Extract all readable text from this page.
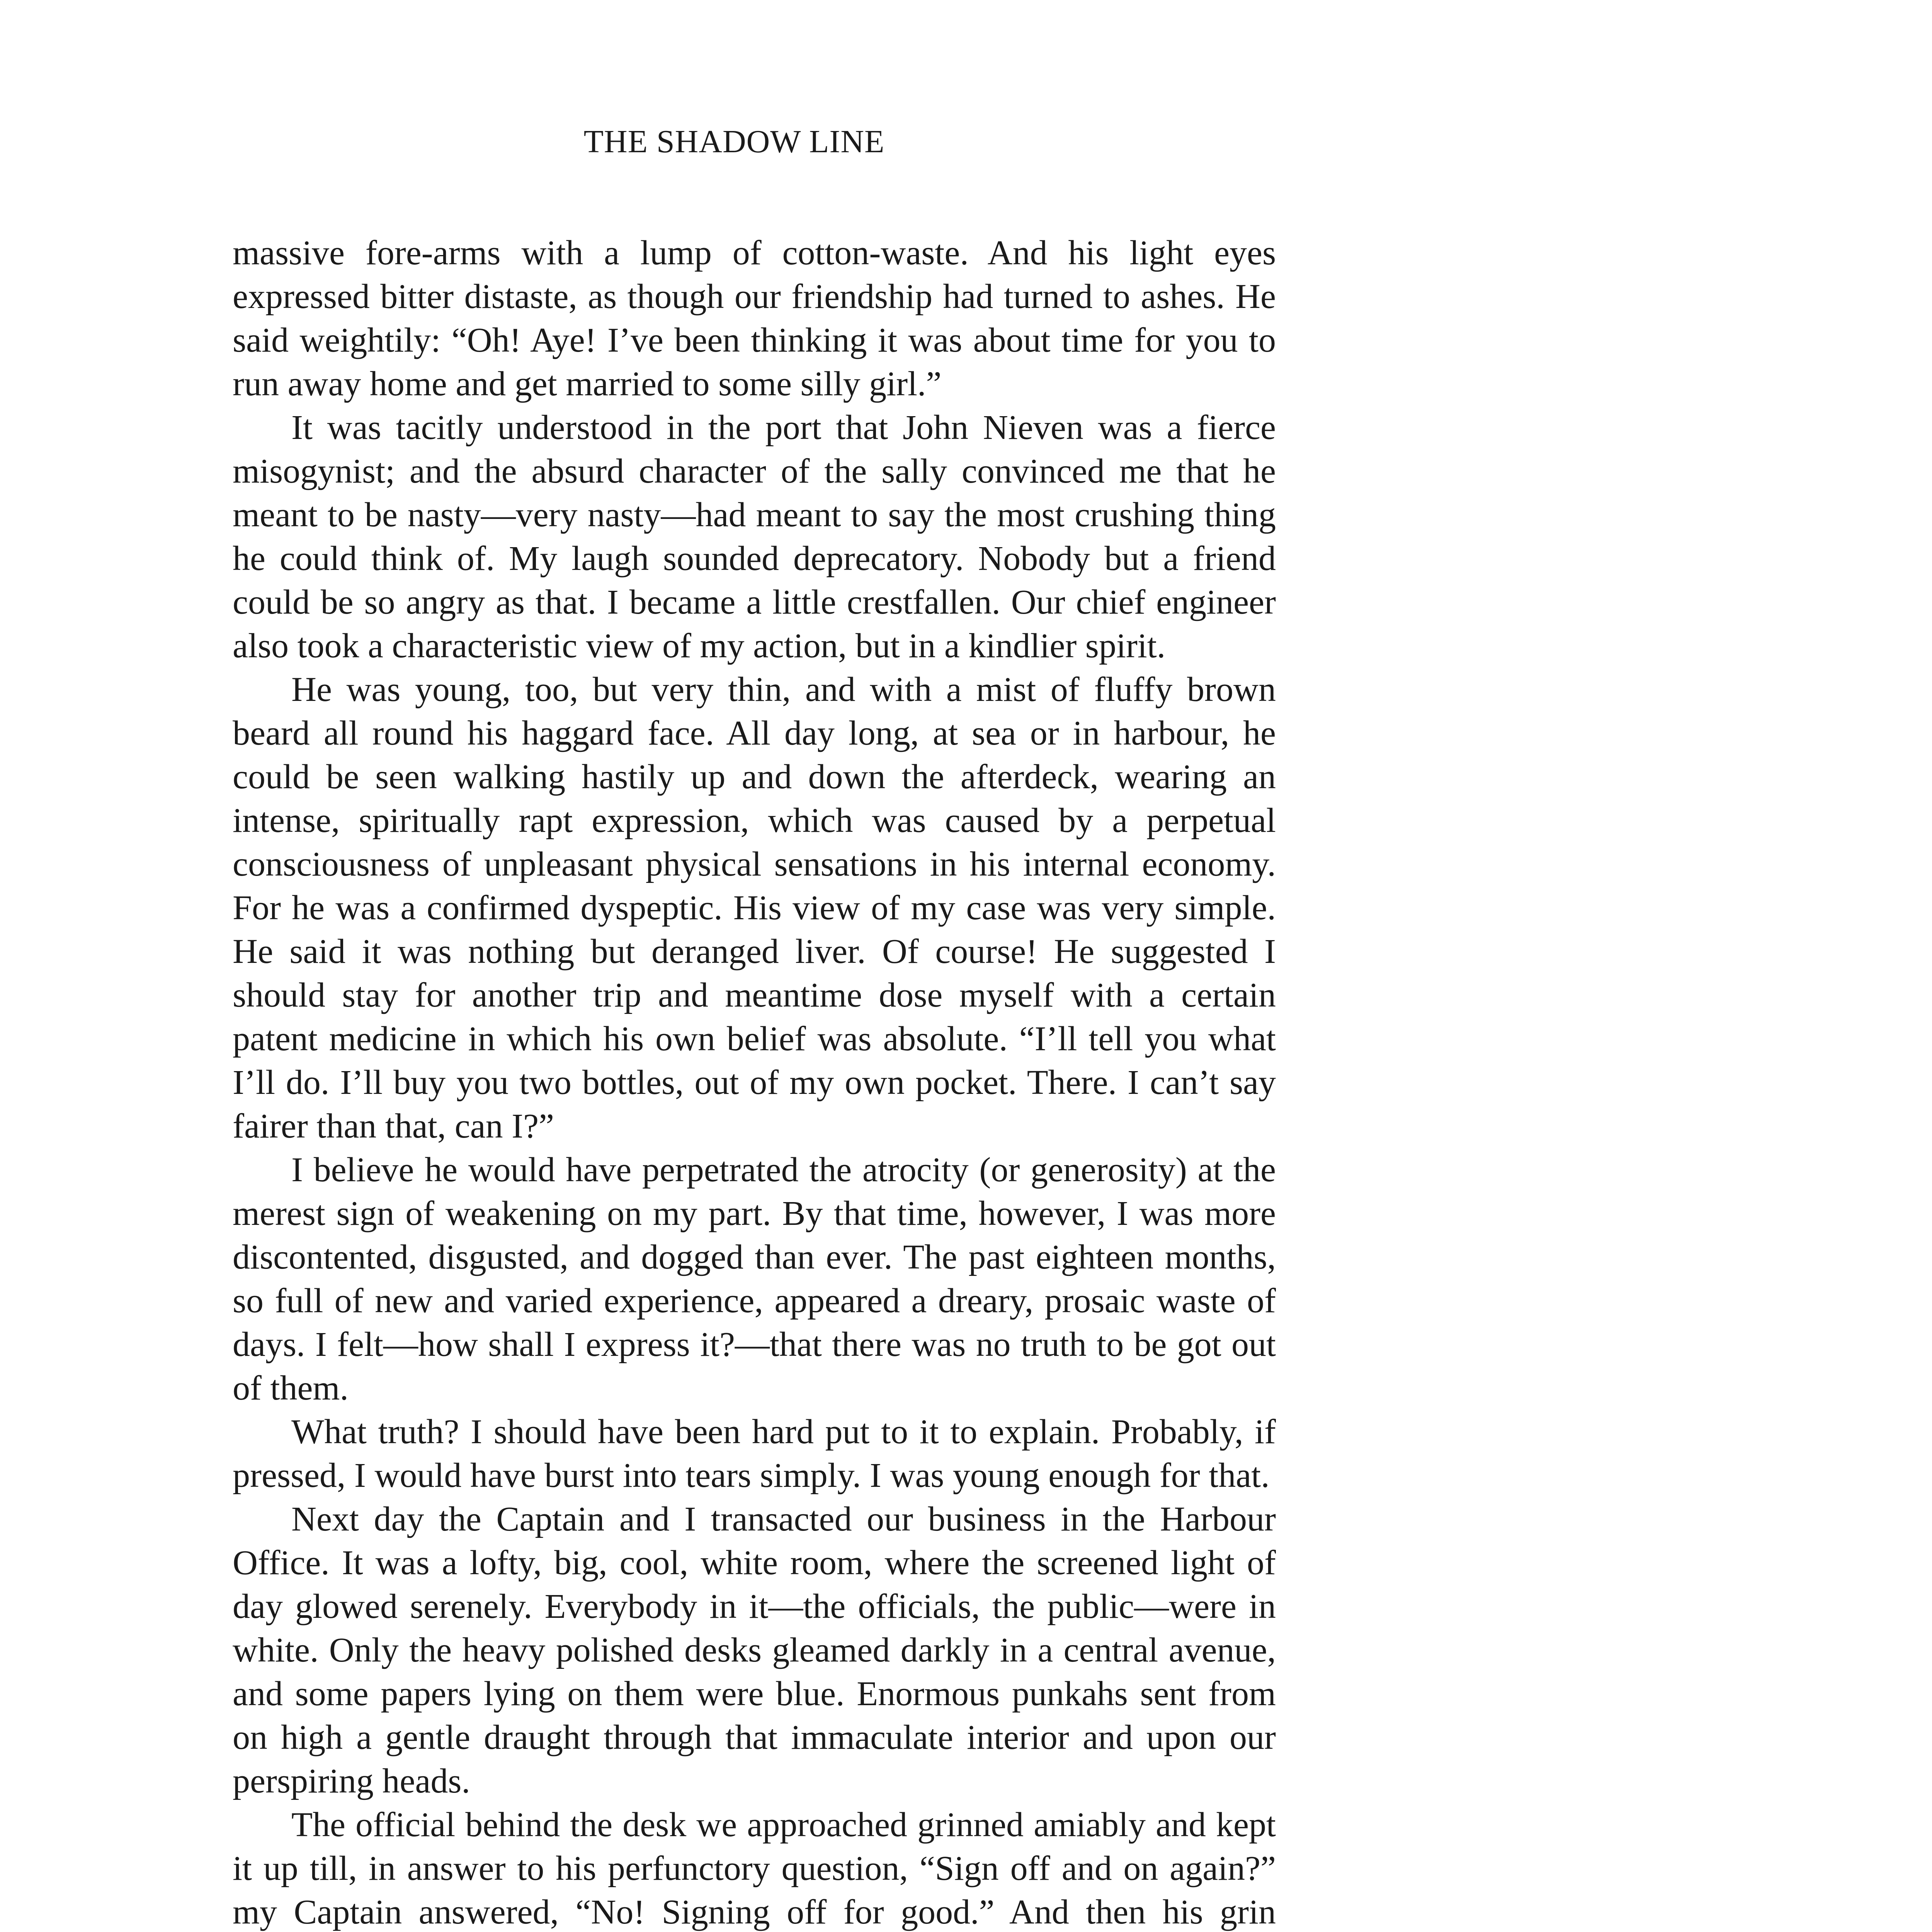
THE SHADOW LINE

massive fore-arms with a lump of cotton-waste. And his light eyes expressed bitter distaste, as though our friendship had turned to ashes. He said weightily: “Oh! Aye! I’ve been thinking it was about time for you to run away home and get married to some silly girl.”

It was tacitly understood in the port that John Nieven was a fierce misogynist; and the absurd character of the sally convinced me that he meant to be nasty—very nasty—had meant to say the most crushing thing he could think of. My laugh sounded deprecatory. Nobody but a friend could be so angry as that. I became a little crestfallen. Our chief engineer also took a characteristic view of my action, but in a kindlier spirit.

He was young, too, but very thin, and with a mist of fluffy brown beard all round his haggard face. All day long, at sea or in harbour, he could be seen walking hastily up and down the afterdeck, wearing an intense, spiritually rapt expression, which was caused by a perpetual consciousness of unpleasant physical sensations in his internal economy. For he was a confirmed dyspeptic. His view of my case was very simple. He said it was nothing but deranged liver. Of course! He suggested I should stay for another trip and meantime dose myself with a certain patent medicine in which his own belief was absolute. “I’ll tell you what I’ll do. I’ll buy you two bottles, out of my own pocket. There. I can’t say fairer than that, can I?”

I believe he would have perpetrated the atrocity (or generosity) at the merest sign of weakening on my part. By that time, however, I was more discontented, disgusted, and dogged than ever. The past eighteen months, so full of new and varied experience, appeared a dreary, prosaic waste of days. I felt—how shall I express it?—that there was no truth to be got out of them.

What truth? I should have been hard put to it to explain. Probably, if pressed, I would have burst into tears simply. I was young enough for that.

Next day the Captain and I transacted our business in the Harbour Office. It was a lofty, big, cool, white room, where the screened light of day glowed serenely. Everybody in it—the officials, the public—were in white. Only the heavy polished desks gleamed darkly in a central avenue, and some papers lying on them were blue. Enormous punkahs sent from on high a gentle draught through that immaculate interior and upon our perspiring heads.

The official behind the desk we approached grinned amiably and kept it up till, in answer to his perfunctory question, “Sign off and on again?” my Captain answered, “No! Signing off for good.” And then his grin
